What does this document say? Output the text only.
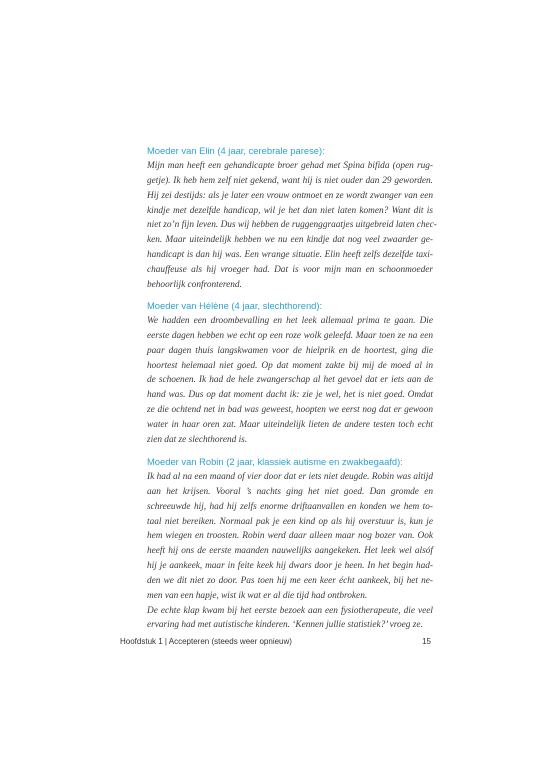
Moeder van Elin (4 jaar, cerebrale parese):
Mijn man heeft een gehandicapte broer gehad met Spina bifida (open rug-
getje). Ik heb hem zelf niet gekend, want hij is niet ouder dan 29 geworden.
Hij zei destijds: als je later een vrouw ontmoet en ze wordt zwanger van een
kindje met dezelfde handicap, wil je het dan niet laten komen? Want dit is
niet zo’n fijn leven. Dus wij hebben de ruggenggraatjes uitgebreid laten chec-
ken. Maar uiteindelijk hebben we nu een kindje dat nog veel zwaarder ge-
handicapt is dan hij was. Een wrange situatie. Elin heeft zelfs dezelfde taxi-
chauffeuse als hij vroeger had. Dat is voor mijn man en schoonmoeder
behoorlijk confronterend.
Moeder van Hélène (4 jaar, slechthorend):
We hadden een droombevalling en het leek allemaal prima te gaan. Die
eerste dagen hebben we echt op een roze wolk geleefd. Maar toen ze na een
paar dagen thuis langskwamen voor de hielprik en de hoortest, ging die
hoortest helemaal niet goed. Op dat moment zakte bij mij de moed al in
de schoenen. Ik had de hele zwangerschap al het gevoel dat er iets aan de
hand was. Dus op dat moment dacht ik: zie je wel, het is niet goed. Omdat
ze die ochtend net in bad was geweest, hoopten we eerst nog dat er gewoon
water in haar oren zat. Maar uiteindelijk lieten de andere testen toch echt
zien dat ze slechthorend is.
Moeder van Robin (2 jaar, klassiek autisme en zwakbegaafd):
Ik had al na een maand of vier door dat er iets niet deugde. Robin was altijd
aan het krijsen. Vooral ’s nachts ging het niet goed. Dan gromde en
schreeuwde hij, had hij zelfs enorme driftaanvallen en konden we hem to-
taal niet bereiken. Normaal pak je een kind op als hij overstuur is, kun je
hem wiegen en troosten. Robin werd daar alleen maar nog bozer van. Ook
heeft hij ons de eerste maanden nauwelijks aangekeken. Het leek wel alsóf
hij je aankeek, maar in feite keek hij dwars door je heen. In het begin had-
den we dit niet zo door. Pas toen hij me een keer écht aankeek, bij het ne-
men van een hapje, wist ik wat er al die tijd had ontbroken.
De echte klap kwam bij het eerste bezoek aan een fysiotherapeute, die veel
ervaring had met autistische kinderen. ‘Kennen jullie statistiek?’ vroeg ze.
Hoofdstuk 1 | Accepteren (steeds weer opnieuw)	15
